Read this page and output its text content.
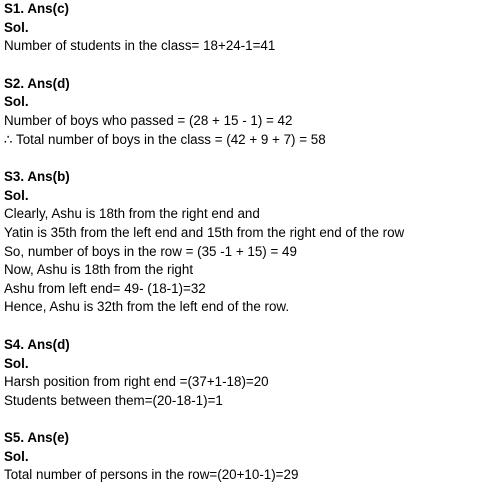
S1. Ans(c)
Sol.
Number of students in the class= 18+24-1=41
S2. Ans(d)
Sol.
Number of boys who passed = (28 + 15 - 1) = 42
∴ Total number of boys in the class = (42 + 9 + 7) = 58
S3. Ans(b)
Sol.
Clearly, Ashu is 18th from the right end and
Yatin is 35th from the left end and 15th from the right end of the row
So, number of boys in the row = (35 -1 + 15) = 49
Now, Ashu is 18th from the right
Ashu from left end= 49- (18-1)=32
Hence, Ashu is 32th from the left end of the row.
S4. Ans(d)
Sol.
Harsh position from right end =(37+1-18)=20
Students between them=(20-18-1)=1
S5. Ans(e)
Sol.
Total number of persons in the row=(20+10-1)=29
